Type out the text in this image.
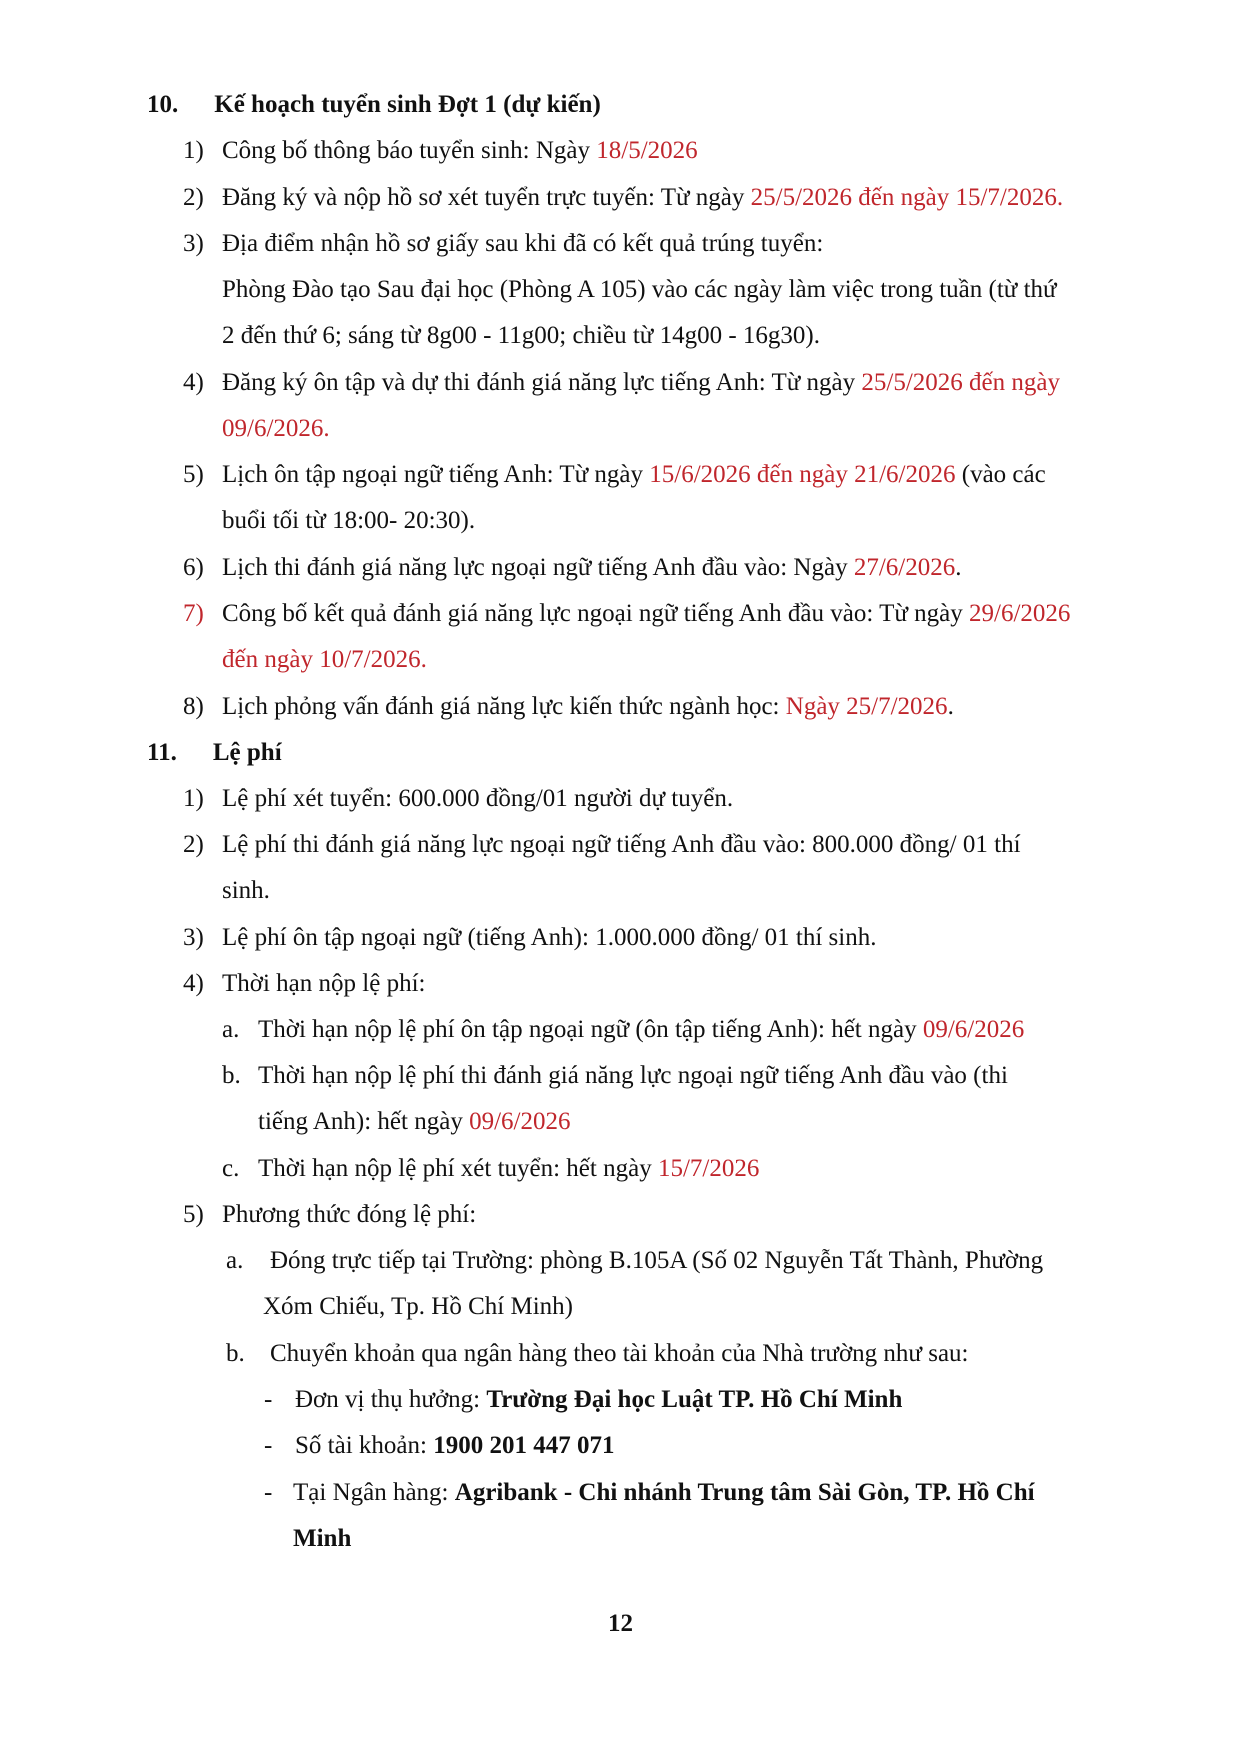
10. Kế hoạch tuyển sinh Đợt 1 (dự kiến)
1) Công bố thông báo tuyển sinh: Ngày 18/5/2026
2) Đăng ký và nộp hồ sơ xét tuyển trực tuyến: Từ ngày 25/5/2026 đến ngày 15/7/2026.
3) Địa điểm nhận hồ sơ giấy sau khi đã có kết quả trúng tuyển:
Phòng Đào tạo Sau đại học (Phòng A 105) vào các ngày làm việc trong tuần (từ thứ
2 đến thứ 6; sáng từ 8g00 - 11g00; chiều từ 14g00 - 16g30).
4) Đăng ký ôn tập và dự thi đánh giá năng lực tiếng Anh: Từ ngày 25/5/2026 đến ngày
09/6/2026.
5) Lịch ôn tập ngoại ngữ tiếng Anh: Từ ngày 15/6/2026 đến ngày 21/6/2026 (vào các
buổi tối từ 18:00- 20:30).
6) Lịch thi đánh giá năng lực ngoại ngữ tiếng Anh đầu vào: Ngày 27/6/2026.
7) Công bố kết quả đánh giá năng lực ngoại ngữ tiếng Anh đầu vào: Từ ngày 29/6/2026
đến ngày 10/7/2026.
8) Lịch phỏng vấn đánh giá năng lực kiến thức ngành học: Ngày 25/7/2026.
11. Lệ phí
1) Lệ phí xét tuyển: 600.000 đồng/01 người dự tuyển.
2) Lệ phí thi đánh giá năng lực ngoại ngữ tiếng Anh đầu vào: 800.000 đồng/ 01 thí
sinh.
3) Lệ phí ôn tập ngoại ngữ (tiếng Anh): 1.000.000 đồng/ 01 thí sinh.
4) Thời hạn nộp lệ phí:
a. Thời hạn nộp lệ phí ôn tập ngoại ngữ (ôn tập tiếng Anh): hết ngày 09/6/2026
b. Thời hạn nộp lệ phí thi đánh giá năng lực ngoại ngữ tiếng Anh đầu vào (thi
tiếng Anh): hết ngày 09/6/2026
c. Thời hạn nộp lệ phí xét tuyển: hết ngày 15/7/2026
5) Phương thức đóng lệ phí:
a. Đóng trực tiếp tại Trường: phòng B.105A (Số 02 Nguyễn Tất Thành, Phường
Xóm Chiếu, Tp. Hồ Chí Minh)
b. Chuyển khoản qua ngân hàng theo tài khoản của Nhà trường như sau:
- Đơn vị thụ hưởng: Trường Đại học Luật TP. Hồ Chí Minh
- Số tài khoản: 1900 201 447 071
- Tại Ngân hàng: Agribank - Chi nhánh Trung tâm Sài Gòn, TP. Hồ Chí
Minh
12
